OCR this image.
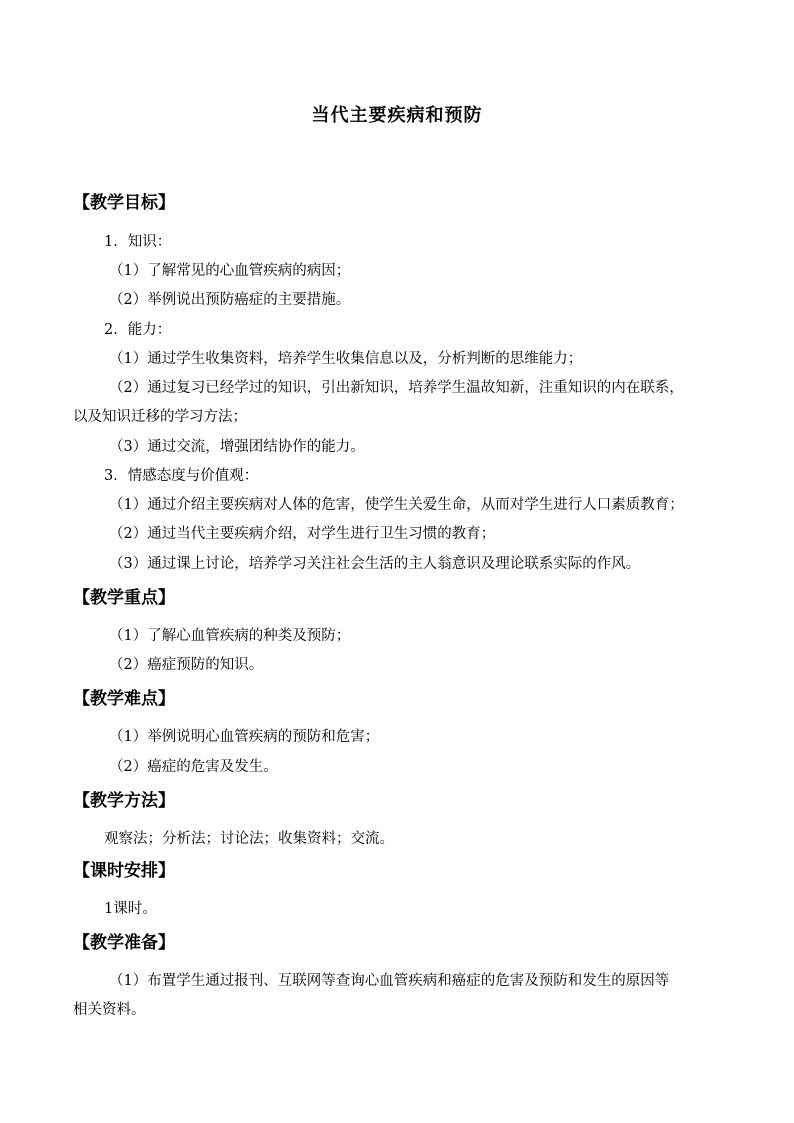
当代主要疾病和预防
【教学目标】
1．知识：
（1）了解常见的心血管疾病的病因；
（2）举例说出预防癌症的主要措施。
2．能力：
（1）通过学生收集资料，培养学生收集信息以及，分析判断的思维能力；
（2）通过复习已经学过的知识，引出新知识，培养学生温故知新，注重知识的内在联系，
以及知识迁移的学习方法；
（3）通过交流，增强团结协作的能力。
3．情感态度与价值观：
（1）通过介绍主要疾病对人体的危害，使学生关爱生命，从而对学生进行人口素质教育；
（2）通过当代主要疾病介绍，对学生进行卫生习惯的教育；
（3）通过课上讨论，培养学习关注社会生活的主人翁意识及理论联系实际的作风。
【教学重点】
（1）了解心血管疾病的种类及预防；
（2）癌症预防的知识。
【教学难点】
（1）举例说明心血管疾病的预防和危害；
（2）癌症的危害及发生。
【教学方法】
观察法；分析法；讨论法；收集资料；交流。
【课时安排】
1课时。
【教学准备】
（1）布置学生通过报刊、互联网等查询心血管疾病和癌症的危害及预防和发生的原因等
相关资料。
